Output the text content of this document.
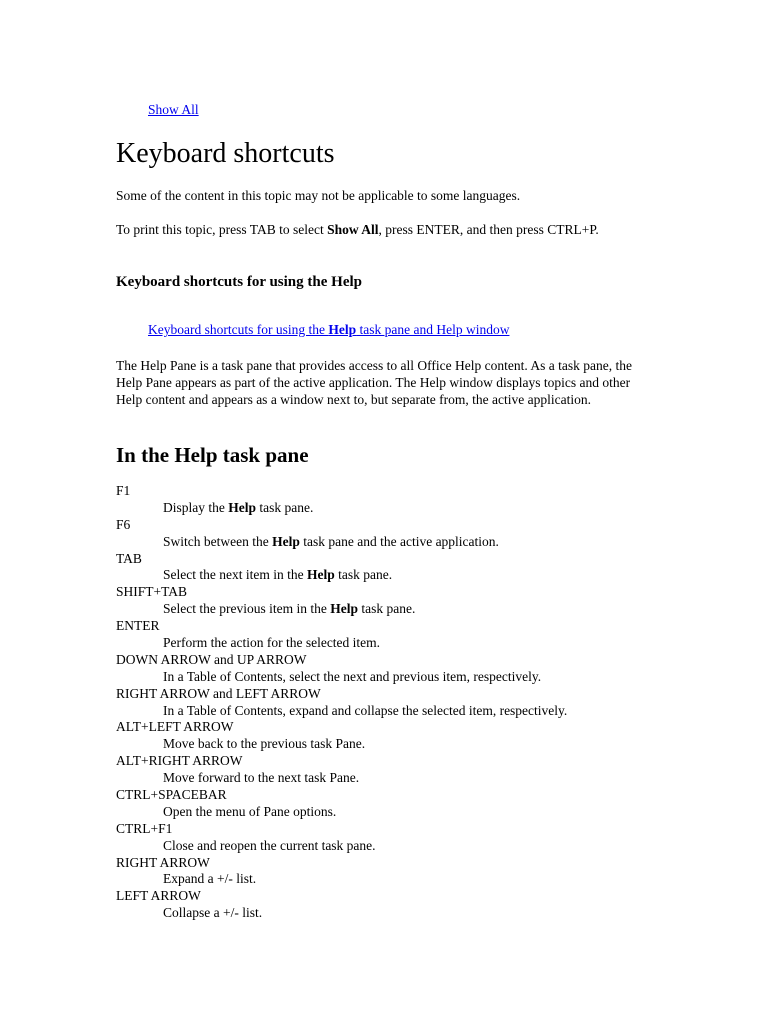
Show All
Keyboard shortcuts

Some of the content in this topic may not be applicable to some languages.

To print this topic, press TAB to select Show All, press ENTER, and then press CTRL+P.

Keyboard shortcuts for using the Help
Keyboard shortcuts for using the Help task pane and Help window

The Help Pane is a task pane that provides access to all Office Help content. As a task pane, the Help Pane appears as part of the active application. The Help window displays topics and other Help content and appears as a window next to, but separate from, the active application.

In the Help task pane
F1
Display the Help task pane.
F6
Switch between the Help task pane and the active application.
TAB
Select the next item in the Help task pane.
SHIFT+TAB
Select the previous item in the Help task pane.
ENTER
Perform the action for the selected item.
DOWN ARROW and UP ARROW
In a Table of Contents, select the next and previous item, respectively.
RIGHT ARROW and LEFT ARROW
In a Table of Contents, expand and collapse the selected item, respectively.
ALT+LEFT ARROW
Move back to the previous task Pane.
ALT+RIGHT ARROW
Move forward to the next task Pane.
CTRL+SPACEBAR
Open the menu of Pane options.
CTRL+F1
Close and reopen the current task pane.
RIGHT ARROW
Expand a +/- list.
LEFT ARROW
Collapse a +/- list.
